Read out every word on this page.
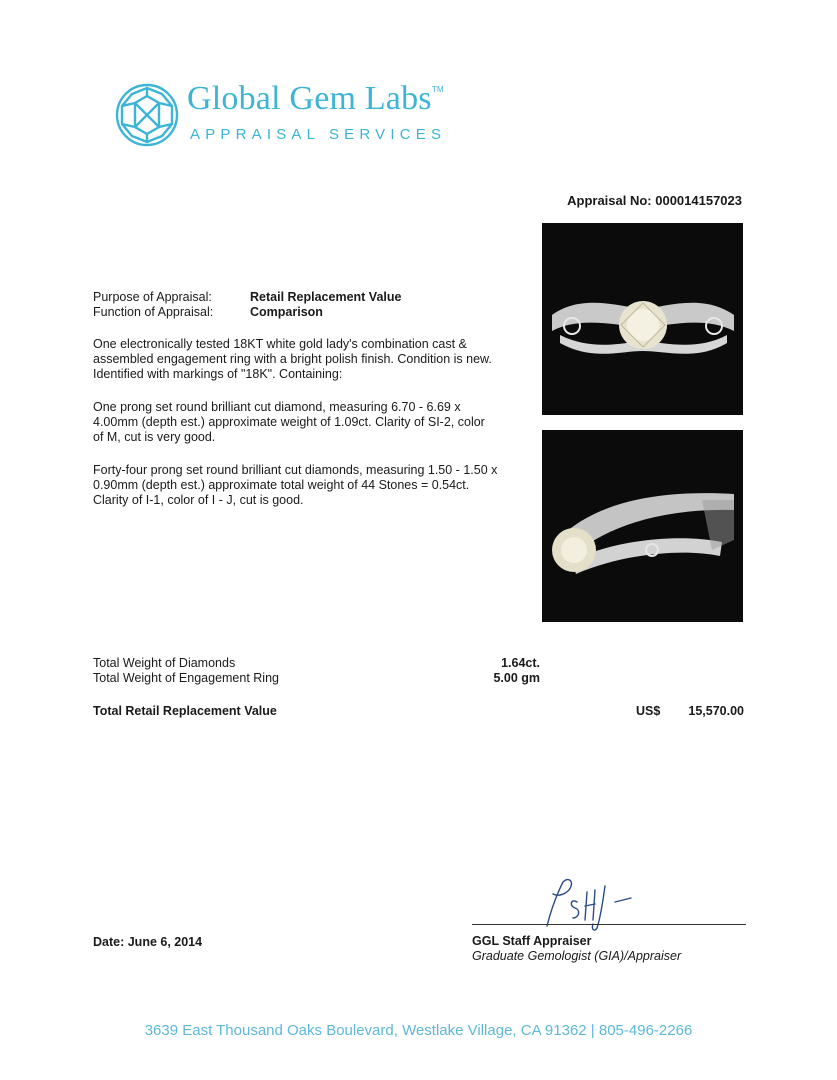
Global Gem Labs TM
APPRAISAL SERVICES
Appraisal No: 000014157023
Purpose of Appraisal:	Retail Replacement Value
Function of Appraisal:	Comparison
One electronically tested 18KT white gold lady's combination cast & assembled engagement ring with a bright polish finish. Condition is new. Identified with markings of "18K". Containing:
One prong set round brilliant cut diamond, measuring 6.70 - 6.69 x 4.00mm (depth est.) approximate weight of 1.09ct. Clarity of SI-2, color of M, cut is very good.
Forty-four prong set round brilliant cut diamonds, measuring 1.50 - 1.50 x 0.90mm (depth est.) approximate total weight of 44 Stones = 0.54ct. Clarity of I-1, color of I - J, cut is good.
Total Weight of Diamonds	1.64ct.
Total Weight of Engagement Ring	5.00 gm
Total Retail Replacement Value	US$	15,570.00
Date: June 6, 2014	GGL Staff Appraiser
Graduate Gemologist (GIA)/Appraiser
3639 East Thousand Oaks Boulevard, Westlake Village, CA 91362 | 805-496-2266
